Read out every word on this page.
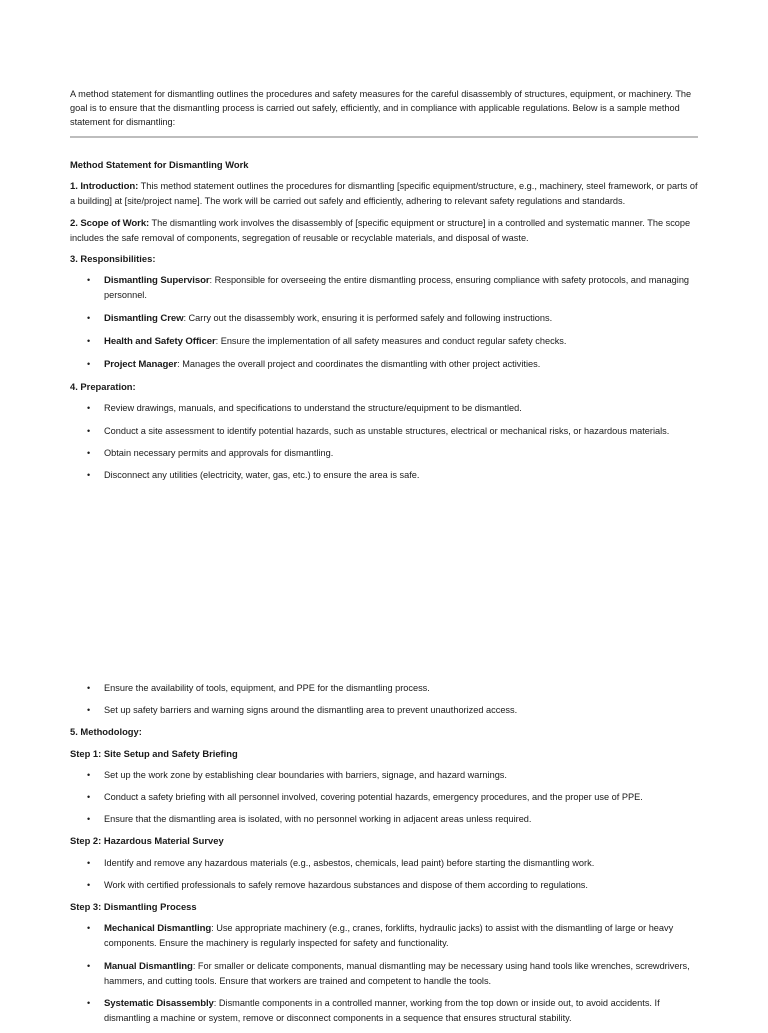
A method statement for dismantling outlines the procedures and safety measures for the careful disassembly of structures, equipment, or machinery. The goal is to ensure that the dismantling process is carried out safely, efficiently, and in compliance with applicable regulations. Below is a sample method statement for dismantling:

Method Statement for Dismantling Work

1. Introduction: This method statement outlines the procedures for dismantling [specific equipment/structure, e.g., machinery, steel framework, or parts of a building] at [site/project name]. The work will be carried out safely and efficiently, adhering to relevant safety regulations and standards.

2. Scope of Work: The dismantling work involves the disassembly of [specific equipment or structure] in a controlled and systematic manner. The scope includes the safe removal of components, segregation of reusable or recyclable materials, and disposal of waste.

3. Responsibilities:

• Dismantling Supervisor: Responsible for overseeing the entire dismantling process, ensuring compliance with safety protocols, and managing personnel.
• Dismantling Crew: Carry out the disassembly work, ensuring it is performed safely and following instructions.
• Health and Safety Officer: Ensure the implementation of all safety measures and conduct regular safety checks.
• Project Manager: Manages the overall project and coordinates the dismantling with other project activities.

4. Preparation:

• Review drawings, manuals, and specifications to understand the structure/equipment to be dismantled.
• Conduct a site assessment to identify potential hazards, such as unstable structures, electrical or mechanical risks, or hazardous materials.
• Obtain necessary permits and approvals for dismantling.
• Disconnect any utilities (electricity, water, gas, etc.) to ensure the area is safe.
• Ensure the availability of tools, equipment, and PPE for the dismantling process.
• Set up safety barriers and warning signs around the dismantling area to prevent unauthorized access.

5. Methodology:

Step 1: Site Setup and Safety Briefing

• Set up the work zone by establishing clear boundaries with barriers, signage, and hazard warnings.
• Conduct a safety briefing with all personnel involved, covering potential hazards, emergency procedures, and the proper use of PPE.
• Ensure that the dismantling area is isolated, with no personnel working in adjacent areas unless required.

Step 2: Hazardous Material Survey

• Identify and remove any hazardous materials (e.g., asbestos, chemicals, lead paint) before starting the dismantling work.
• Work with certified professionals to safely remove hazardous substances and dispose of them according to regulations.

Step 3: Dismantling Process

• Mechanical Dismantling: Use appropriate machinery (e.g., cranes, forklifts, hydraulic jacks) to assist with the dismantling of large or heavy components. Ensure the machinery is regularly inspected for safety and functionality.
• Manual Dismantling: For smaller or delicate components, manual dismantling may be necessary using hand tools like wrenches, screwdrivers, hammers, and cutting tools. Ensure that workers are trained and competent to handle the tools.
• Systematic Disassembly: Dismantle components in a controlled manner, working from the top down or inside out, to avoid accidents. If dismantling a machine or system, remove or disconnect components in a sequence that ensures structural stability.
